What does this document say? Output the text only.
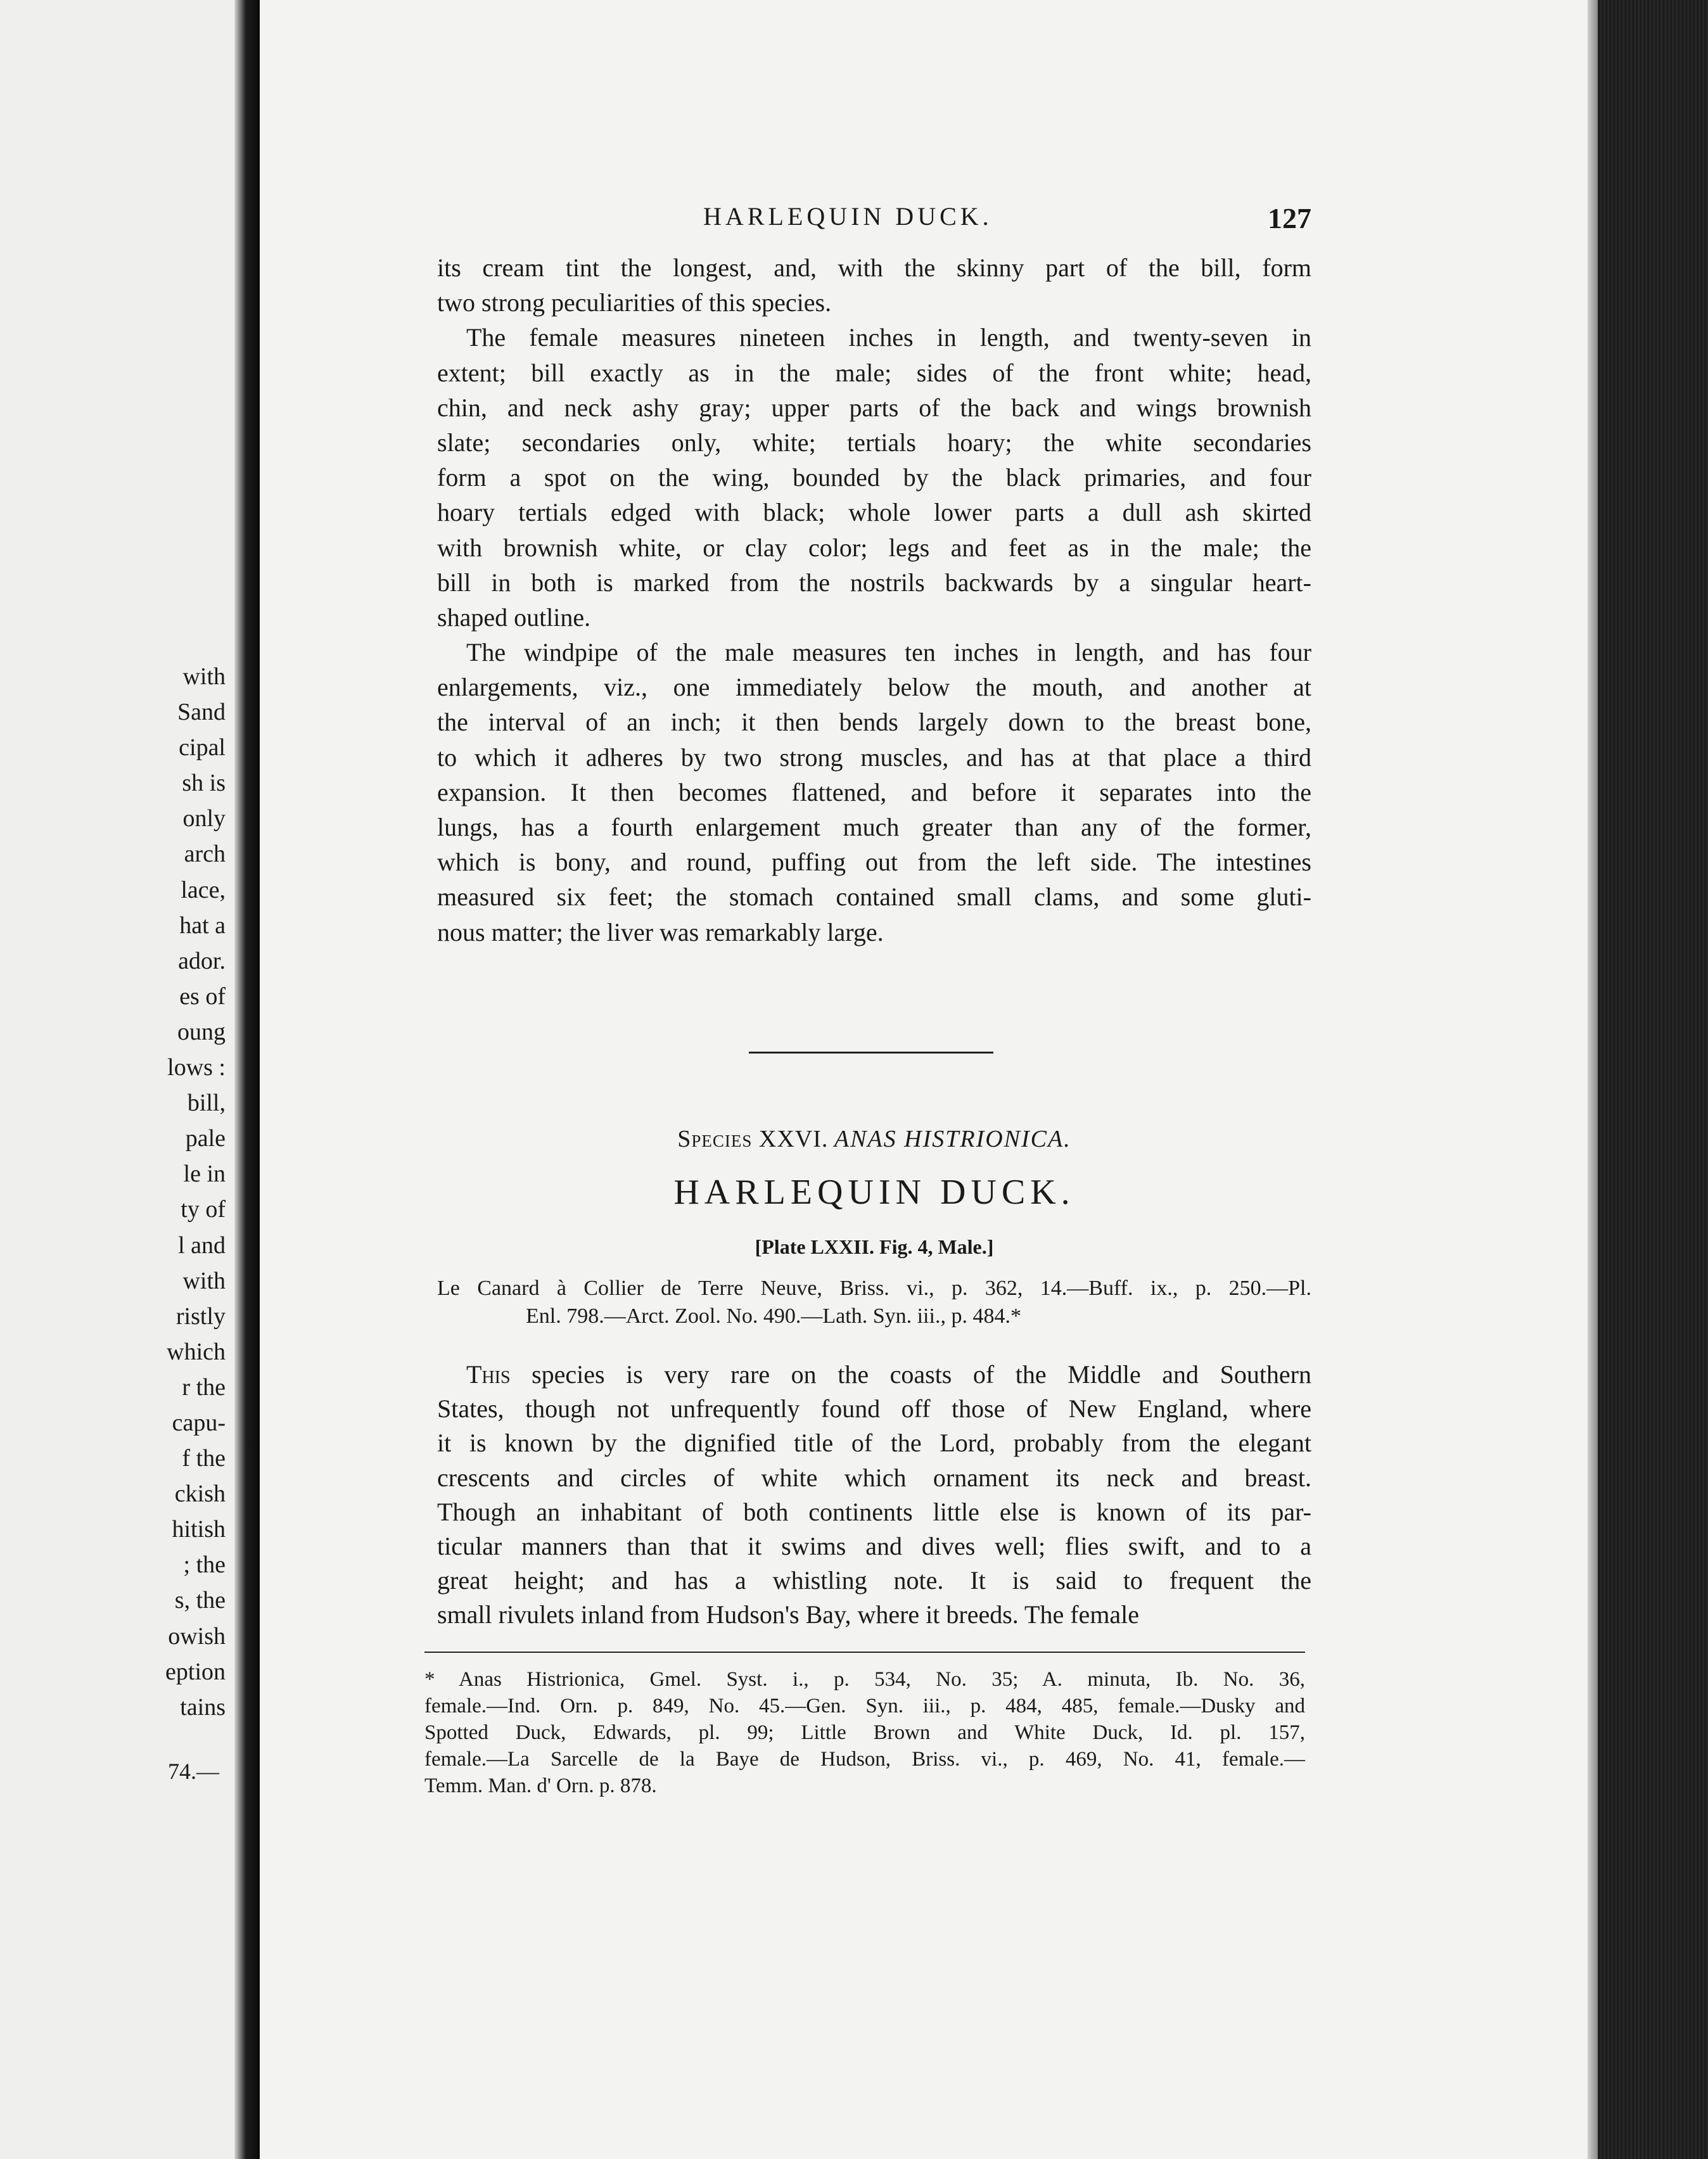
with
Sand
cipal
sh is
only
arch
lace,
hat a
ador.
es of
oung
lows :
bill,
pale
le in
ty of
l and
with
ristly
which
r the
capu-
f the
ckish
hitish
; the
s, the
owish
eption
tains
74.—
HARLEQUIN DUCK.	127

its cream tint the longest, and, with the skinny part of the bill, form
two strong peculiarities of this species.

The female measures nineteen inches in length, and twenty-seven in
extent; bill exactly as in the male; sides of the front white; head,
chin, and neck ashy gray; upper parts of the back and wings brownish
slate; secondaries only, white; tertials hoary; the white secondaries
form a spot on the wing, bounded by the black primaries, and four
hoary tertials edged with black; whole lower parts a dull ash skirted
with brownish white, or clay color; legs and feet as in the male; the
bill in both is marked from the nostrils backwards by a singular heart-
shaped outline.

The windpipe of the male measures ten inches in length, and has four
enlargements, viz., one immediately below the mouth, and another at
the interval of an inch; it then bends largely down to the breast bone,
to which it adheres by two strong muscles, and has at that place a third
expansion. It then becomes flattened, and before it separates into the
lungs, has a fourth enlargement much greater than any of the former,
which is bony, and round, puffing out from the left side. The intestines
measured six feet; the stomach contained small clams, and some gluti-
nous matter; the liver was remarkably large.

Species XXVI. ANAS HISTRIONICA.
HARLEQUIN DUCK.
[Plate LXXII. Fig. 4, Male.]
Le Canard à Collier de Terre Neuve, Briss. vi., p. 362, 14.—Buff. ix., p. 250.—Pl.
Enl. 798.—Arct. Zool. No. 490.—Lath. Syn. iii., p. 484.*

This species is very rare on the coasts of the Middle and Southern
States, though not unfrequently found off those of New England, where
it is known by the dignified title of the Lord, probably from the elegant
crescents and circles of white which ornament its neck and breast.
Though an inhabitant of both continents little else is known of its par-
ticular manners than that it swims and dives well; flies swift, and to a
great height; and has a whistling note. It is said to frequent the
small rivulets inland from Hudson's Bay, where it breeds. The female

* Anas Histrionica, Gmel. Syst. i., p. 534, No. 35; A. minuta, Ib. No. 36,
female.—Ind. Orn. p. 849, No. 45.—Gen. Syn. iii., p. 484, 485, female.—Dusky and
Spotted Duck, Edwards, pl. 99; Little Brown and White Duck, Id. pl. 157,
female.—La Sarcelle de la Baye de Hudson, Briss. vi., p. 469, No. 41, female.—
Temm. Man. d' Orn. p. 878.
